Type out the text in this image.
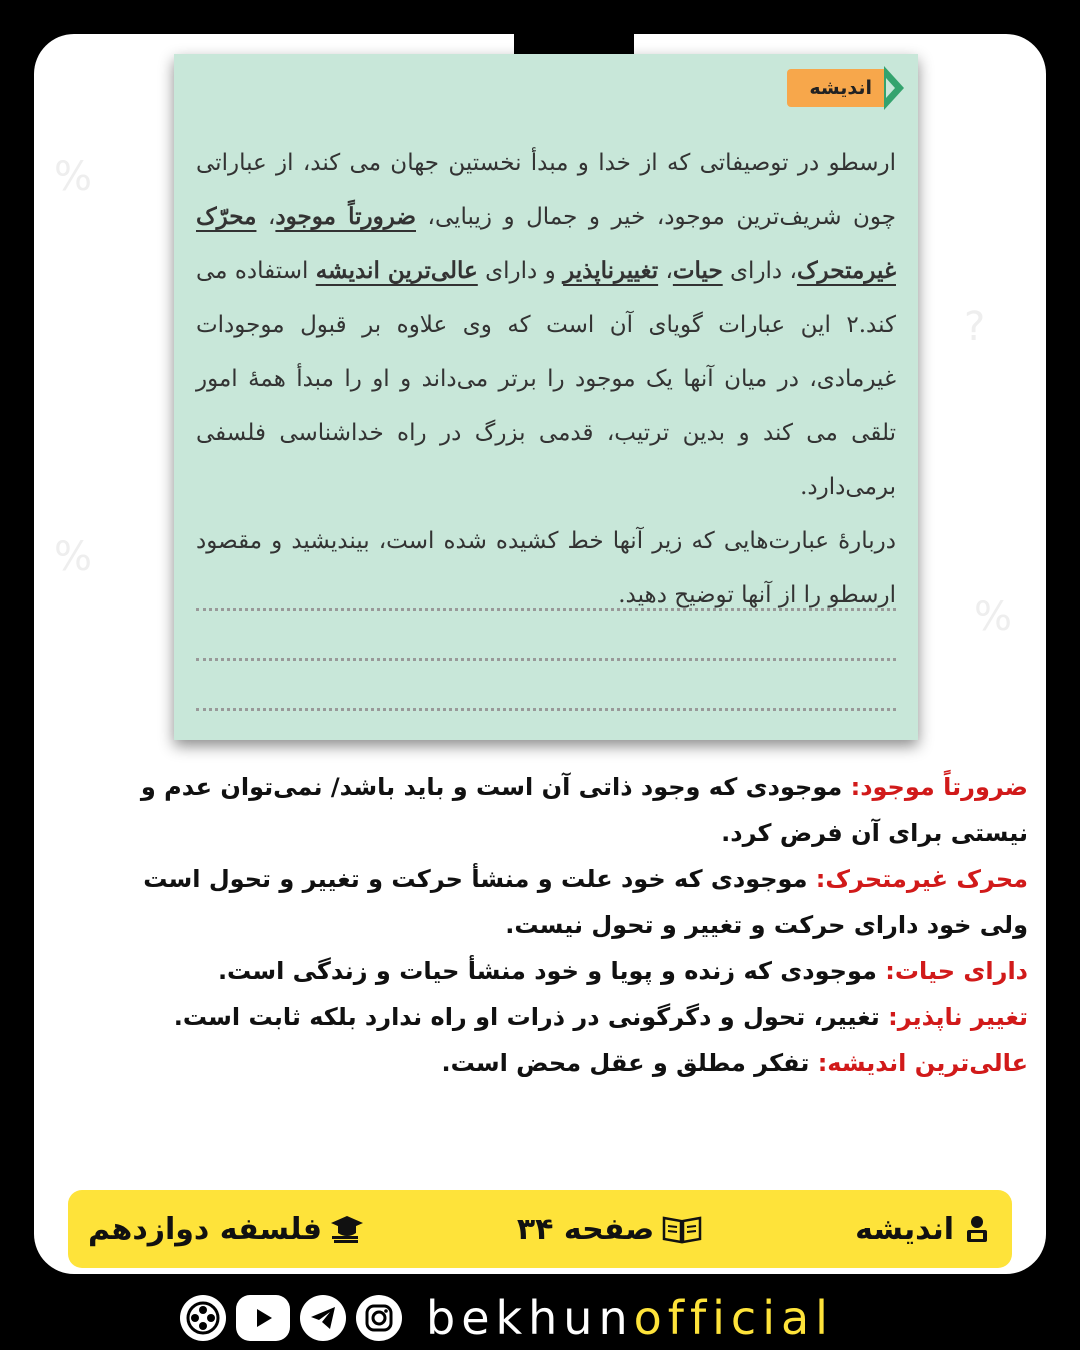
%
?
%
%
اندیشه

ارسطو در توصیفاتی که از خدا و مبدأ نخستین جهان می کند، از عباراتی چون شریف‌ترین موجود، خیر و جمال و زیبایی، ضرورتاً موجود، محرّک غیرمتحرک، دارای حیات، تغییرناپذیر و دارای عالی‌ترین اندیشه استفاده می کند.۲ این عبارات گویای آن است که وی علاوه بر قبول موجودات غیرمادی، در میان آنها یک موجود را برتر می‌داند و او را مبدأ همهٔ امور تلقی می کند و بدین ترتیب، قدمی بزرگ در راه خداشناسی فلسفی برمی‌دارد.

دربارهٔ عبارت‌هایی که زیر آنها خط کشیده شده است، بیندیشید و مقصود ارسطو را از آنها توضیح دهید.

ضرورتاً موجود: موجودی که وجود ذاتی آن است و باید باشد/ نمی‌توان عدم و نیستی برای آن فرض کرد.

محرک غیرمتحرک: موجودی که خود علت و منشأ حرکت و تغییر و تحول است ولی خود دارای حرکت و تغییر و تحول نیست.

دارای حیات: موجودی که زنده و پویا و خود منشأ حیات و زندگی است.

تغییر ناپذیر: تغییر، تحول و دگرگونی در ذرات او راه ندارد بلکه ثابت است.

عالی‌ترین اندیشه: تفکر مطلق و عقل محض است.

اندیشه
صفحه ۳۴
فلسفه دوازدهم
bekhunofficial
